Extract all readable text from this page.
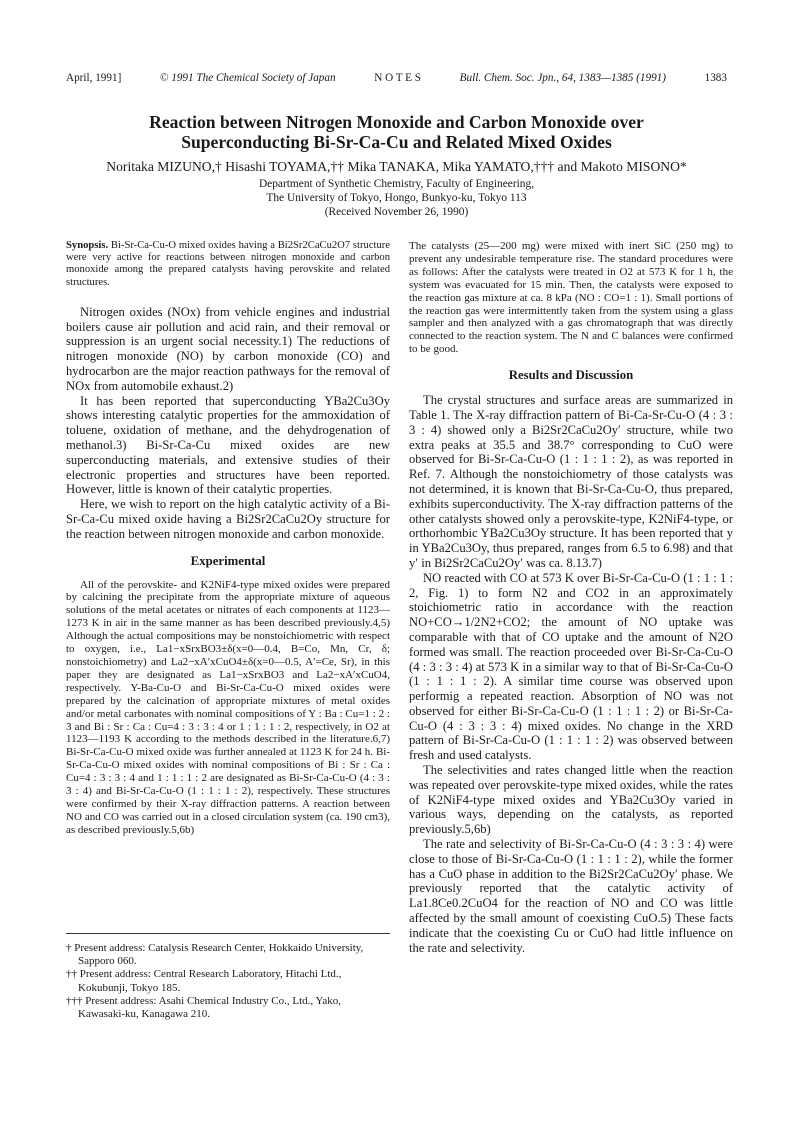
April, 1991]	© 1991 The Chemical Society of Japan	N O T E S	Bull. Chem. Soc. Jpn., 64, 1383—1385 (1991)	1383
Reaction between Nitrogen Monoxide and Carbon Monoxide over
Superconducting Bi-Sr-Ca-Cu and Related Mixed Oxides
Noritaka MIZUNO,† Hisashi TOYAMA,†† Mika TANAKA, Mika YAMATO,††† and Makoto MISONO*
Department of Synthetic Chemistry, Faculty of Engineering,
The University of Tokyo, Hongo, Bunkyo-ku, Tokyo 113
(Received November 26, 1990)

Synopsis. Bi-Sr-Ca-Cu-O mixed oxides having a Bi2Sr2CaCu2O7 structure were very active for reactions between nitrogen monoxide and carbon monoxide among the prepared catalysts having perovskite and related structures.

Nitrogen oxides (NOx) from vehicle engines and industrial boilers cause air pollution and acid rain, and their removal or suppression is an urgent social necessity.1) The reductions of nitrogen monoxide (NO) by carbon monoxide (CO) and hydrocarbon are the major reaction pathways for the removal of NOx from automobile exhaust.2)

It has been reported that superconducting YBa2Cu3Oy shows interesting catalytic properties for the ammoxidation of toluene, oxidation of methane, and the dehydrogenation of methanol.3) Bi-Sr-Ca-Cu mixed oxides are new superconducting materials, and extensive studies of their electronic properties and structures have been reported. However, little is known of their catalytic properties.

Here, we wish to report on the high catalytic activity of a Bi-Sr-Ca-Cu mixed oxide having a Bi2Sr2CaCu2Oy structure for the reaction between nitrogen monoxide and carbon monoxide.

Experimental

All of the perovskite- and K2NiF4-type mixed oxides were prepared by calcining the precipitate from the appropriate mixture of aqueous solutions of the metal acetates or nitrates of each components at 1123—1273 K in air in the same manner as has been described previously.4,5) Although the actual compositions may be nonstoichiometric with respect to oxygen, i.e., La1−xSrxBO3±δ(x=0—0.4, B=Co, Mn, Cr, δ; nonstoichiometry) and La2−xA′xCuO4±δ(x=0—0.5, A′=Ce, Sr), in this paper they are designated as La1−xSrxBO3 and La2−xA′xCuO4, respectively. Y-Ba-Cu-O and Bi-Sr-Ca-Cu-O mixed oxides were prepared by the calcination of appropriate mixtures of metal oxides and/or metal carbonates with nominal compositions of Y : Ba : Cu=1 : 2 : 3 and Bi : Sr : Ca : Cu=4 : 3 : 3 : 4 or 1 : 1 : 1 : 2, respectively, in O2 at 1123—1193 K according to the methods described in the literature.6,7) Bi-Sr-Ca-Cu-O mixed oxide was further annealed at 1123 K for 24 h. Bi-Sr-Ca-Cu-O mixed oxides with nominal compositions of Bi : Sr : Ca : Cu=4 : 3 : 3 : 4 and 1 : 1 : 1 : 2 are designated as Bi-Sr-Ca-Cu-O (4 : 3 : 3 : 4) and Bi-Sr-Ca-Cu-O (1 : 1 : 1 : 2), respectively. These structures were confirmed by their X-ray diffraction patterns. A reaction between NO and CO was carried out in a closed circulation system (ca. 190 cm3), as described previously.5,6b)

† Present address: Catalysis Research Center, Hokkaido University, Sapporo 060.

†† Present address: Central Research Laboratory, Hitachi Ltd., Kokubunji, Tokyo 185.

††† Present address: Asahi Chemical Industry Co., Ltd., Yako, Kawasaki-ku, Kanagawa 210.

The catalysts (25—200 mg) were mixed with inert SiC (250 mg) to prevent any undesirable temperature rise. The standard procedures were as follows: After the catalysts were treated in O2 at 573 K for 1 h, the system was evacuated for 15 min. Then, the catalysts were exposed to the reaction gas mixture at ca. 8 kPa (NO : CO=1 : 1). Small portions of the reaction gas were intermittently taken from the system using a glass sampler and then analyzed with a gas chromatograph that was directly connected to the reaction system. The N and C balances were confirmed to be good.

Results and Discussion

The crystal structures and surface areas are summarized in Table 1. The X-ray diffraction pattern of Bi-Ca-Sr-Cu-O (4 : 3 : 3 : 4) showed only a Bi2Sr2CaCu2Oy′ structure, while two extra peaks at 35.5 and 38.7° corresponding to CuO were observed for Bi-Sr-Ca-Cu-O (1 : 1 : 1 : 2), as was reported in Ref. 7. Although the nonstoichiometry of those catalysts was not determined, it is known that Bi-Sr-Ca-Cu-O, thus prepared, exhibits superconductivity. The X-ray diffraction patterns of the other catalysts showed only a perovskite-type, K2NiF4-type, or orthorhombic YBa2Cu3Oy structure. It has been reported that y in YBa2Cu3Oy, thus prepared, ranges from 6.5 to 6.98) and that y′ in Bi2Sr2CaCu2Oy′ was ca. 8.13.7)

NO reacted with CO at 573 K over Bi-Sr-Ca-Cu-O (1 : 1 : 1 : 2, Fig. 1) to form N2 and CO2 in an approximately stoichiometric ratio in accordance with the reaction NO+CO→1/2N2+CO2; the amount of NO uptake was comparable with that of CO uptake and the amount of N2O formed was small. The reaction proceeded over Bi-Sr-Ca-Cu-O (4 : 3 : 3 : 4) at 573 K in a similar way to that of Bi-Sr-Ca-Cu-O (1 : 1 : 1 : 2). A similar time course was observed upon performig a repeated reaction. Absorption of NO was not observed for either Bi-Sr-Ca-Cu-O (1 : 1 : 1 : 2) or Bi-Sr-Ca-Cu-O (4 : 3 : 3 : 4) mixed oxides. No change in the XRD pattern of Bi-Sr-Ca-Cu-O (1 : 1 : 1 : 2) was observed between fresh and used catalysts.

The selectivities and rates changed little when the reaction was repeated over perovskite-type mixed oxides, while the rates of K2NiF4-type mixed oxides and YBa2Cu3Oy varied in various ways, depending on the catalysts, as reported previously.5,6b)

The rate and selectivity of Bi-Sr-Ca-Cu-O (4 : 3 : 3 : 4) were close to those of Bi-Sr-Ca-Cu-O (1 : 1 : 1 : 2), while the former has a CuO phase in addition to the Bi2Sr2CaCu2Oy′ phase. We previously reported that the catalytic activity of La1.8Ce0.2CuO4 for the reaction of NO and CO was little affected by the small amount of coexisting CuO.5) These facts indicate that the coexisting Cu or CuO had little influence on the rate and selectivity.
